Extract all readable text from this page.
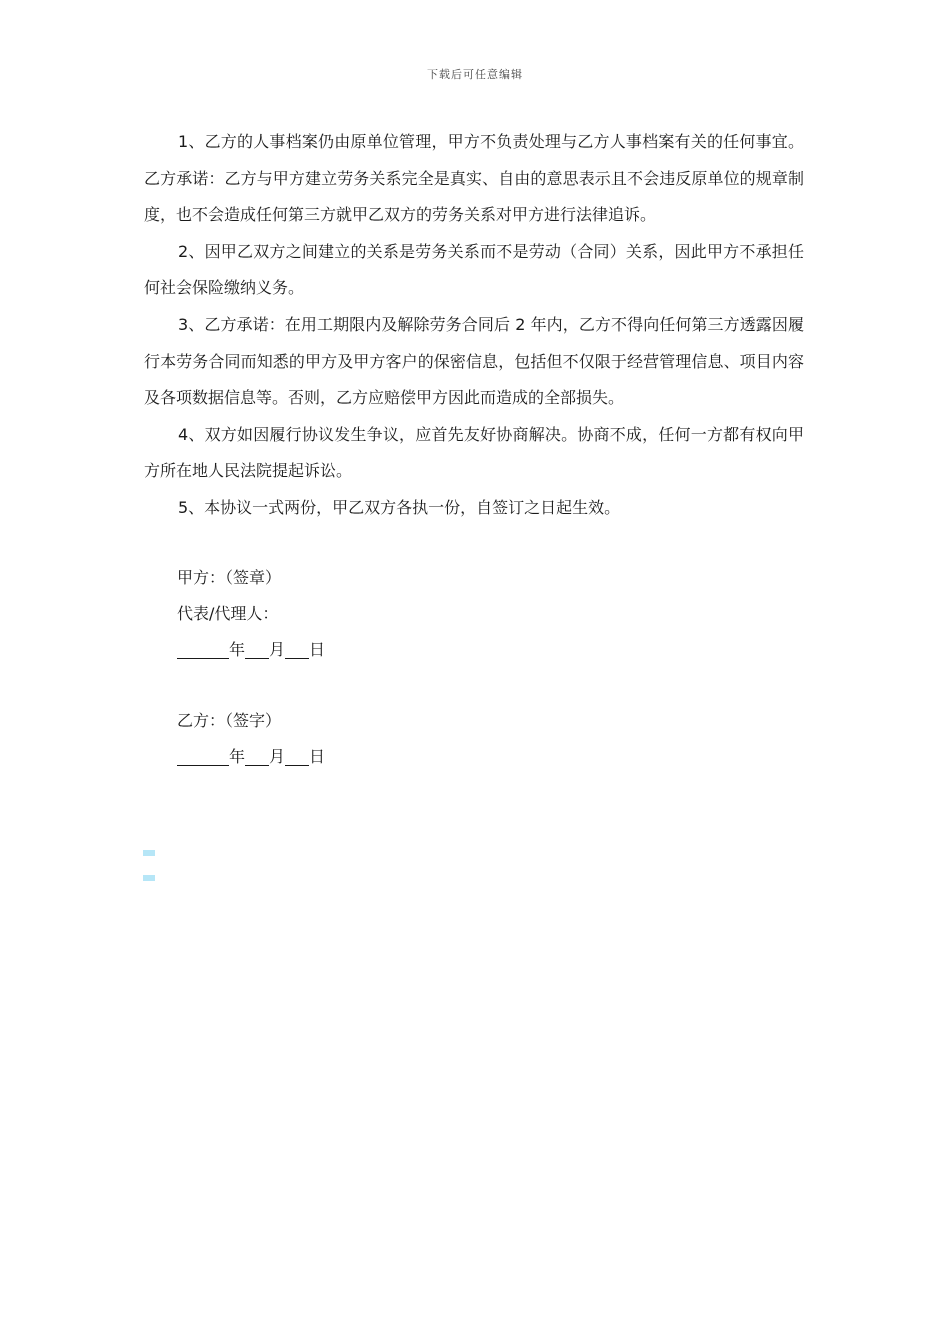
下载后可任意编辑

1、乙方的人事档案仍由原单位管理，甲方不负责处理与乙方人事档案有关的任何事宜。乙方承诺：乙方与甲方建立劳务关系完全是真实、自由的意思表示且不会违反原单位的规章制度，也不会造成任何第三方就甲乙双方的劳务关系对甲方进行法律追诉。

2、因甲乙双方之间建立的关系是劳务关系而不是劳动（合同）关系，因此甲方不承担任何社会保险缴纳义务。

3、乙方承诺：在用工期限内及解除劳务合同后 2 年内，乙方不得向任何第三方透露因履行本劳务合同而知悉的甲方及甲方客户的保密信息，包括但不仅限于经营管理信息、项目内容及各项数据信息等。否则，乙方应赔偿甲方因此而造成的全部损失。

4、双方如因履行协议发生争议，应首先友好协商解决。协商不成，任何一方都有权向甲方所在地人民法院提起诉讼。

5、本协议一式两份，甲乙双方各执一份，自签订之日起生效。

甲方：（签章）

代表/代理人：

年 月 日

乙方：（签字）

年 月 日
